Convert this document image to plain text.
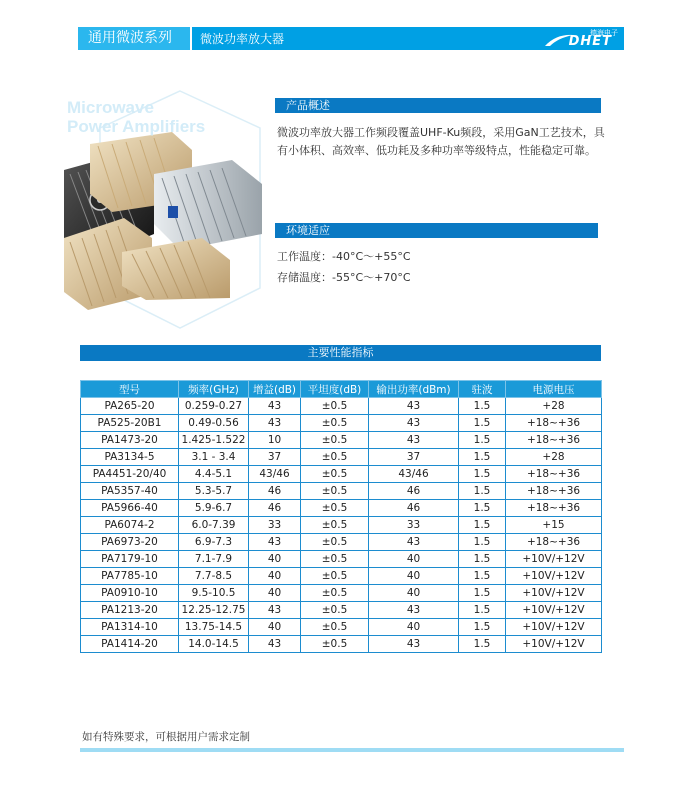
通用微波系列	微波功率放大器	德海电子
DHET
Microwave
Power Amplifiers
产品概述
微波功率放大器工作频段覆盖UHF-Ku频段，采用GaN工艺技术，具有小体积、高效率、低功耗及多种功率等级特点，性能稳定可靠。
环境适应
工作温度：-40°C～+55°C
存储温度：-55°C～+70°C
主要性能指标
型号	频率(GHz)	增益(dB)	平坦度(dB)	输出功率(dBm)	驻波	电源电压
PA265-20	0.259-0.27	43	±0.5	43	1.5	+28
PA525-20B1	0.49-0.56	43	±0.5	43	1.5	+18~+36
PA1473-20	1.425-1.522	10	±0.5	43	1.5	+18~+36
PA3134-5	3.1 - 3.4	37	±0.5	37	1.5	+28
PA4451-20/40	4.4-5.1	43/46	±0.5	43/46	1.5	+18~+36
PA5357-40	5.3-5.7	46	±0.5	46	1.5	+18~+36
PA5966-40	5.9-6.7	46	±0.5	46	1.5	+18~+36
PA6074-2	6.0-7.39	33	±0.5	33	1.5	+15
PA6973-20	6.9-7.3	43	±0.5	43	1.5	+18~+36
PA7179-10	7.1-7.9	40	±0.5	40	1.5	+10V/+12V
PA7785-10	7.7-8.5	40	±0.5	40	1.5	+10V/+12V
PA0910-10	9.5-10.5	40	±0.5	40	1.5	+10V/+12V
PA1213-20	12.25-12.75	43	±0.5	43	1.5	+10V/+12V
PA1314-10	13.75-14.5	40	±0.5	40	1.5	+10V/+12V
PA1414-20	14.0-14.5	43	±0.5	43	1.5	+10V/+12V
如有特殊要求，可根据用户需求定制
